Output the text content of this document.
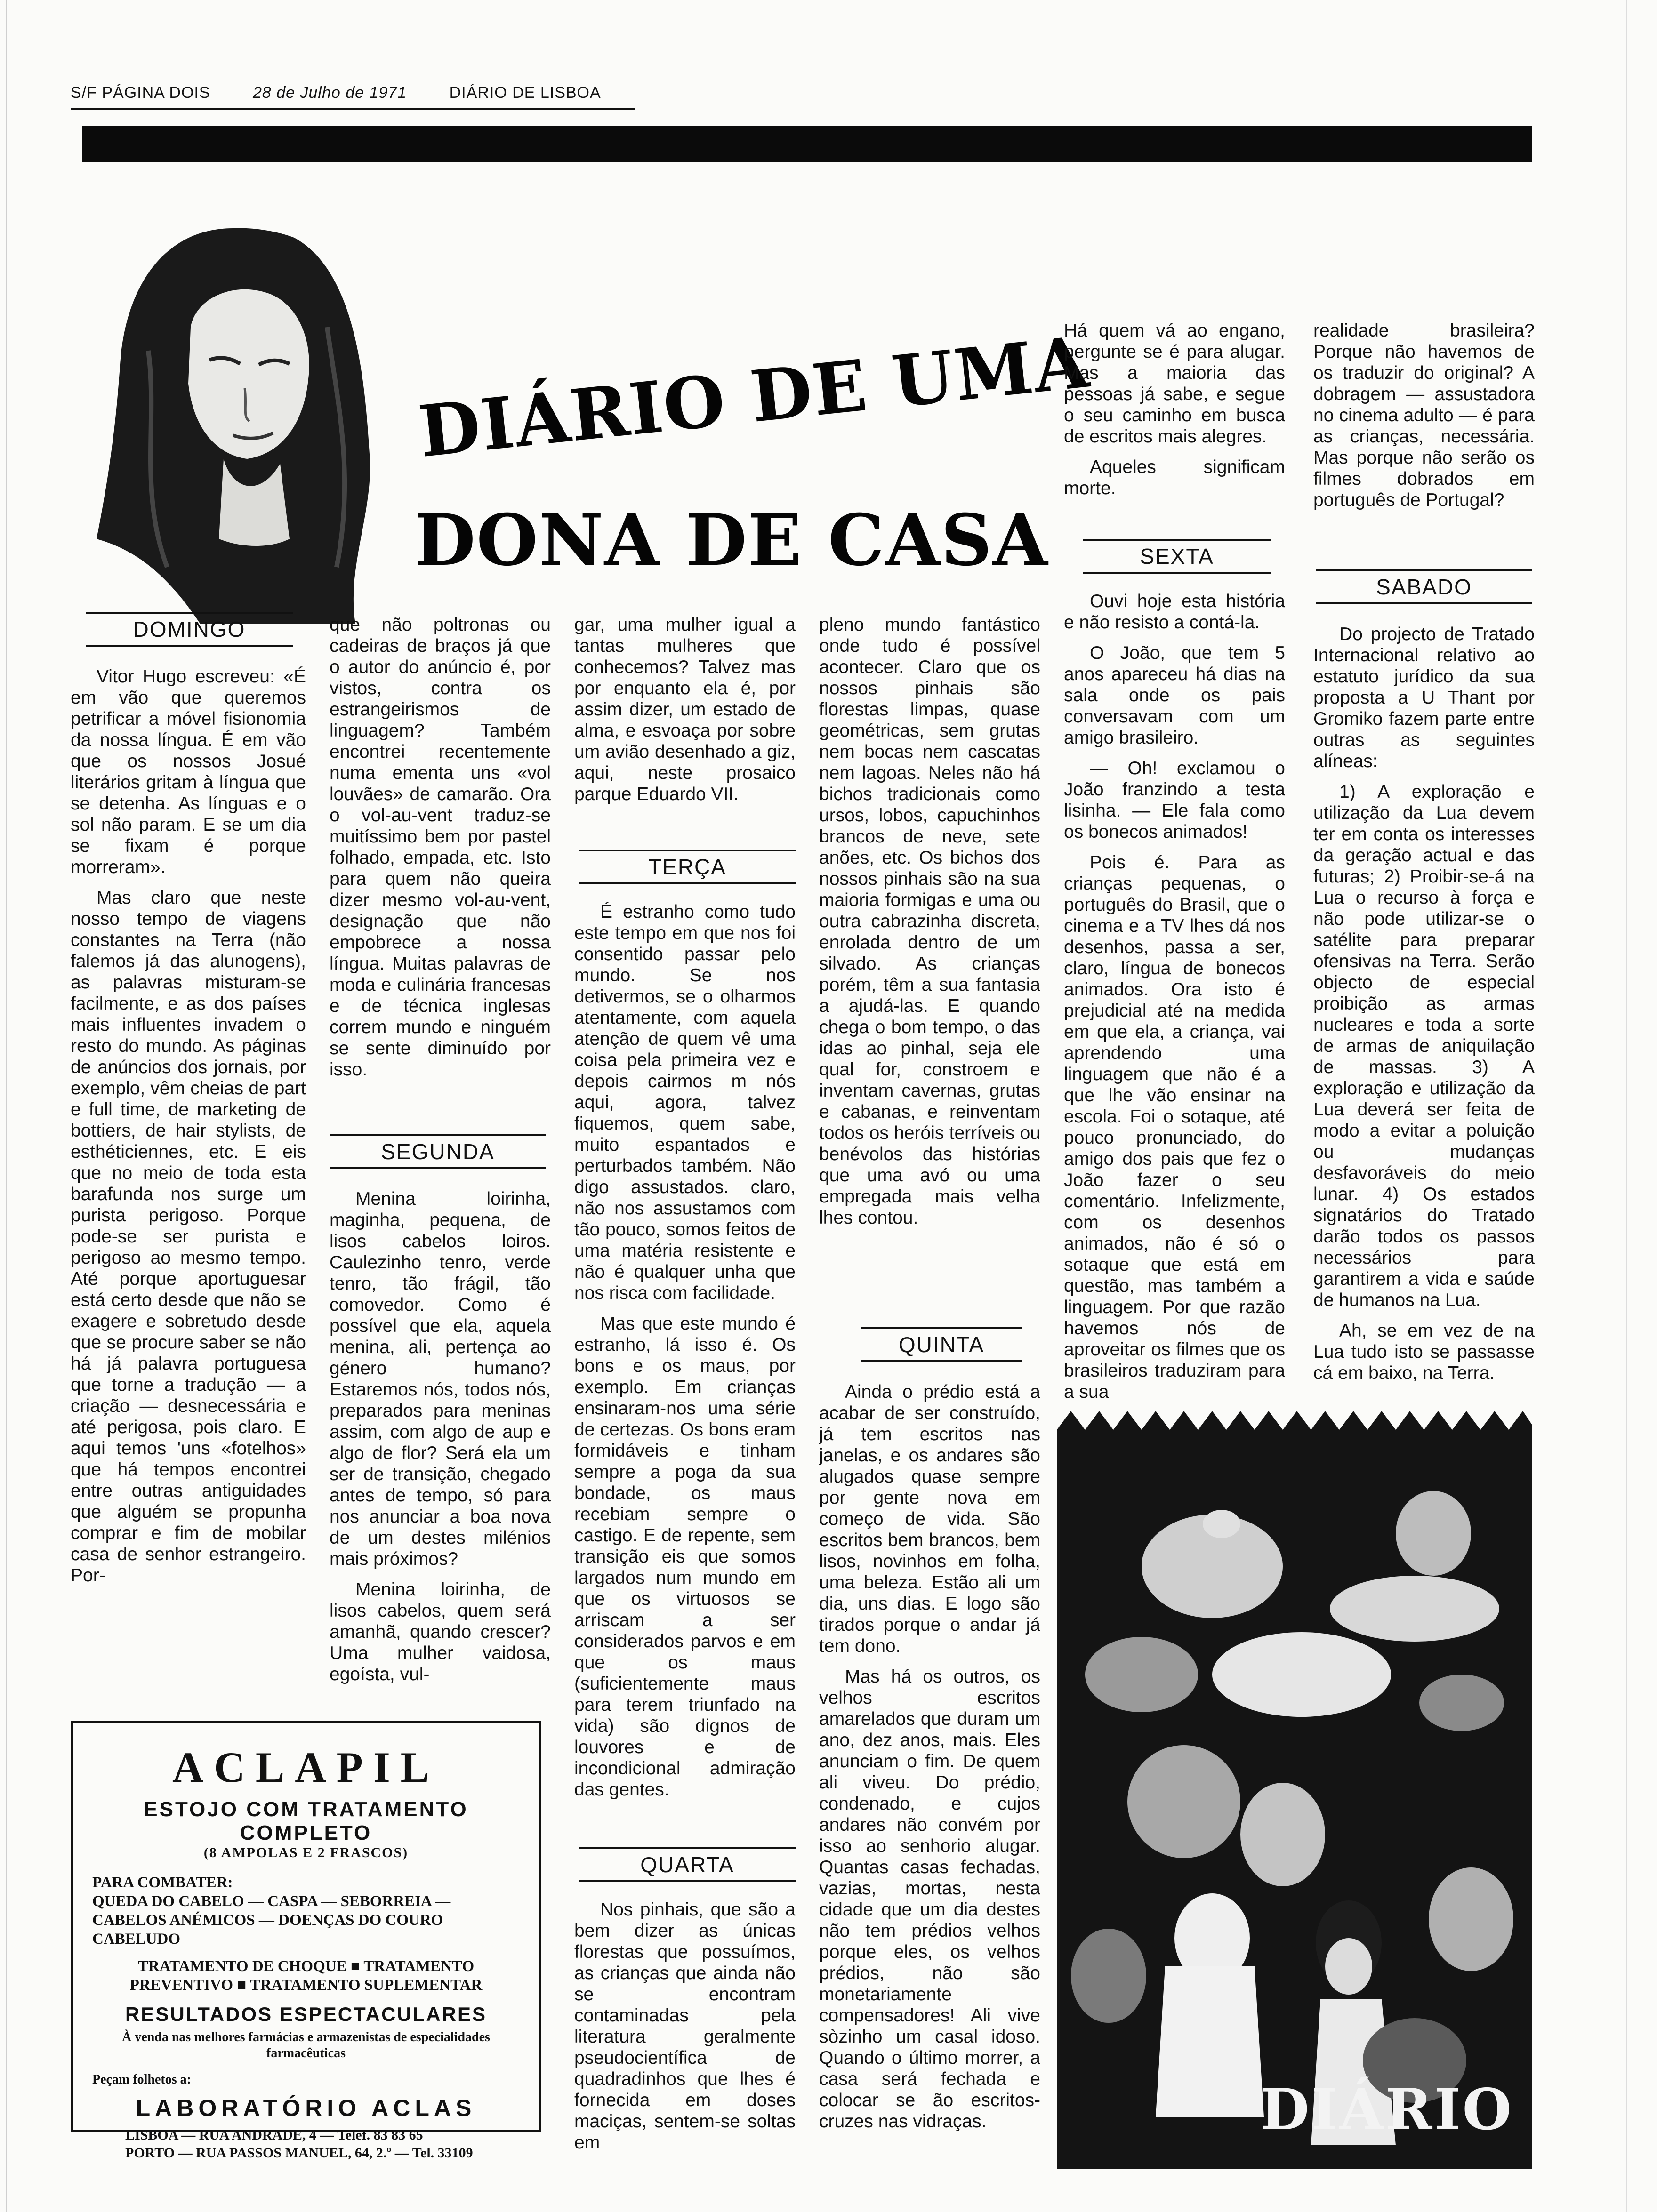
S/F PÁGINA DOIS	28 de Julho de 1971	DIÁRIO DE LISBOA
DIÁRIO DE UMA
DONA DE CASA
DOMINGO

Vitor Hugo escreveu: «É em vão que queremos petrificar a móvel fisionomia da nossa língua. É em vão que os nossos Josué literários gritam à língua que se detenha. As línguas e o sol não param. E se um dia se fixam é porque morreram».

Mas claro que neste nosso tempo de viagens constantes na Terra (não falemos já das alunogens), as palavras misturam-se facilmente, e as dos países mais influentes invadem o resto do mundo. As páginas de anúncios dos jornais, por exemplo, vêm cheias de part e full time, de marketing de bottiers, de hair stylists, de esthéticiennes, etc. E eis que no meio de toda esta barafunda nos surge um purista perigoso. Porque pode-se ser purista e perigoso ao mesmo tempo. Até porque aportuguesar está certo desde que não se exagere e sobretudo desde que se procure saber se não há já palavra portuguesa que torne a tradução — a criação — desnecessária e até perigosa, pois claro. E aqui temos 'uns «fotelhos» que há tempos encontrei entre outras antiguidades que alguém se propunha comprar e fim de mobilar casa de senhor estrangeiro. Por-

que não poltronas ou cadeiras de braços já que o autor do anúncio é, por vistos, contra os estrangeirismos de linguagem? Também encontrei recentemente numa ementa uns «vol louvães» de camarão. Ora o vol-au-vent traduz-se muitíssimo bem por pastel folhado, empada, etc. Isto para quem não queira dizer mesmo vol-au-vent, designação que não empobrece a nossa língua. Muitas palavras de moda e culinária francesas e de técnica inglesas correm mundo e ninguém se sente diminuído por isso.

SEGUNDA

Menina loirinha, maginha, pequena, de lisos cabelos loiros. Caulezinho tenro, verde tenro, tão frágil, tão comovedor. Como é possível que ela, aquela menina, ali, pertença ao género humano? Estaremos nós, todos nós, preparados para meninas assim, com algo de aup e algo de flor? Será ela um ser de transição, chegado antes de tempo, só para nos anunciar a boa nova de um destes milénios mais próximos?

Menina loirinha, de lisos cabelos, quem será amanhã, quando crescer? Uma mulher vaidosa, egoísta, vul-

gar, uma mulher igual a tantas mulheres que conhecemos? Talvez mas por enquanto ela é, por assim dizer, um estado de alma, e esvoaça por sobre um avião desenhado a giz, aqui, neste prosaico parque Eduardo VII.

TERÇA

É estranho como tudo este tempo em que nos foi consentido passar pelo mundo. Se nos detivermos, se o olharmos atentamente, com aquela atenção de quem vê uma coisa pela primeira vez e depois cairmos m nós aqui, agora, talvez fiquemos, quem sabe, muito espantados e perturbados também. Não digo assustados. claro, não nos assustamos com tão pouco, somos feitos de uma matéria resistente e não é qualquer unha que nos risca com facilidade.

Mas que este mundo é estranho, lá isso é. Os bons e os maus, por exemplo. Em crianças ensinaram-nos uma série de certezas. Os bons eram formidáveis e tinham sempre a poga da sua bondade, os maus recebiam sempre o castigo. E de repente, sem transição eis que somos largados num mundo em que os virtuosos se arriscam a ser considerados parvos e em que os maus (suficientemente maus para terem triunfado na vida) são dignos de louvores e de incondicional admiração das gentes.

QUARTA

Nos pinhais, que são a bem dizer as únicas florestas que possuímos, as crianças que ainda não se encontram contaminadas pela literatura geralmente pseudocientífica de quadradinhos que lhes é fornecida em doses maciças, sentem-se soltas em

pleno mundo fantástico onde tudo é possível acontecer. Claro que os nossos pinhais são florestas limpas, quase geométricas, sem grutas nem bocas nem cascatas nem lagoas. Neles não há bichos tradicionais como ursos, lobos, capuchinhos brancos de neve, sete anões, etc. Os bichos dos nossos pinhais são na sua maioria formigas e uma ou outra cabrazinha discreta, enrolada dentro de um silvado. As crianças porém, têm a sua fantasia a ajudá-las. E quando chega o bom tempo, o das idas ao pinhal, seja ele qual for, constroem e inventam cavernas, grutas e cabanas, e reinventam todos os heróis terríveis ou benévolos das histórias que uma avó ou uma empregada mais velha lhes contou.

QUINTA

Ainda o prédio está a acabar de ser construído, já tem escritos nas janelas, e os andares são alugados quase sempre por gente nova em começo de vida. São escritos bem brancos, bem lisos, novinhos em folha, uma beleza. Estão ali um dia, uns dias. E logo são tirados porque o andar já tem dono.

Mas há os outros, os velhos escritos amarelados que duram um ano, dez anos, mais. Eles anunciam o fim. De quem ali viveu. Do prédio, condenado, e cujos andares não convém por isso ao senhorio alugar. Quantas casas fechadas, vazias, mortas, nesta cidade que um dia destes não tem prédios velhos porque eles, os velhos prédios, não são monetariamente compensadores! Ali vive sòzinho um casal idoso. Quando o último morrer, a casa será fechada e colocar se ão escritos-cruzes nas vidraças.

Há quem vá ao engano, pergunte se é para alugar. Mas a maioria das pessoas já sabe, e segue o seu caminho em busca de escritos mais alegres.

Aqueles significam morte.

SEXTA

Ouvi hoje esta história e não resisto a contá-la.

O João, que tem 5 anos apareceu há dias na sala onde os pais conversavam com um amigo brasileiro.

— Oh! exclamou o João franzindo a testa lisinha. — Ele fala como os bonecos animados!

Pois é. Para as crianças pequenas, o português do Brasil, que o cinema e a TV lhes dá nos desenhos, passa a ser, claro, língua de bonecos animados. Ora isto é prejudicial até na medida em que ela, a criança, vai aprendendo uma linguagem que não é a que lhe vão ensinar na escola. Foi o sotaque, até pouco pronunciado, do amigo dos pais que fez o João fazer o seu comentário. Infelizmente, com os desenhos animados, não é só o sotaque que está em questão, mas também a linguagem. Por que razão havemos nós de aproveitar os filmes que os brasileiros traduziram para a sua

realidade brasileira? Porque não havemos de os traduzir do original? A dobragem — assustadora no cinema adulto — é para as crianças, necessária. Mas porque não serão os filmes dobrados em português de Portugal?

SABADO

Do projecto de Tratado Internacional relativo ao estatuto jurídico da sua proposta a U Thant por Gromiko fazem parte entre outras as seguintes alíneas:

1) A exploração e utilização da Lua devem ter em conta os interesses da geração actual e das futuras; 2) Proibir-se-á na Lua o recurso à força e não pode utilizar-se o satélite para preparar ofensivas na Terra. Serão objecto de especial proibição as armas nucleares e toda a sorte de armas de aniquilação de massas. 3) A exploração e utilização da Lua deverá ser feita de modo a evitar a poluição ou mudanças desfavoráveis do meio lunar. 4) Os estados signatários do Tratado darão todos os passos necessários para garantirem a vida e saúde de humanos na Lua.

Ah, se em vez de na Lua tudo isto se passasse cá em baixo, na Terra.

ACLAPIL
ESTOJO COM TRATAMENTO COMPLETO
(8 AMPOLAS E 2 FRASCOS)
PARA COMBATER:
QUEDA DO CABELO — CASPA — SEBORREIA — CABELOS ANÉMICOS — DOENÇAS DO COURO CABELUDO
TRATAMENTO DE CHOQUE ■ TRATAMENTO PREVENTIVO ■ TRATAMENTO SUPLEMENTAR
RESULTADOS ESPECTACULARES
À venda nas melhores farmácias e armazenistas de especialidades farmacêuticas
Peçam folhetos a:
LABORATÓRIO ACLAS
LISBOA — RUA ANDRADE, 4 — Telef. 83 83 65
PORTO — RUA PASSOS MANUEL, 64, 2.º — Tel. 33109
DIÁRIO
